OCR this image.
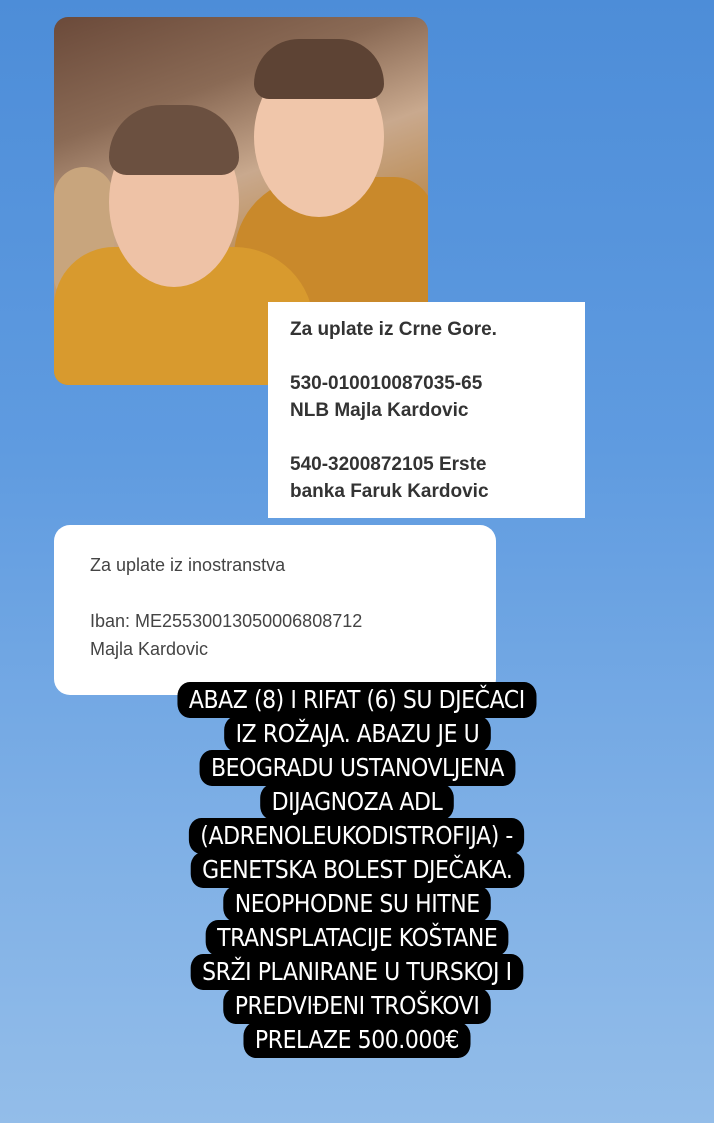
Za uplate iz Crne Gore.

530-010010087035-65

NLB Majla Kardovic

540-3200872105 Erste

banka Faruk Kardovic

Za uplate iz inostranstva

Iban: ME25530013050006808712

Majla Kardovic

ABAZ (8) I RIFAT (6) SU DJEČACI
IZ ROŽAJA. ABAZU JE U
BEOGRADU USTANOVLJENA
DIJAGNOZA ADL
(ADRENOLEUKODISTROFIJA) -
GENETSKA BOLEST DJEČAKA.
NEOPHODNE SU HITNE
TRANSPLATACIJE KOŠTANE
SRŽI PLANIRANE U TURSKOJ I
PREDVIĐENI TROŠKOVI
PRELAZE 500.000€
